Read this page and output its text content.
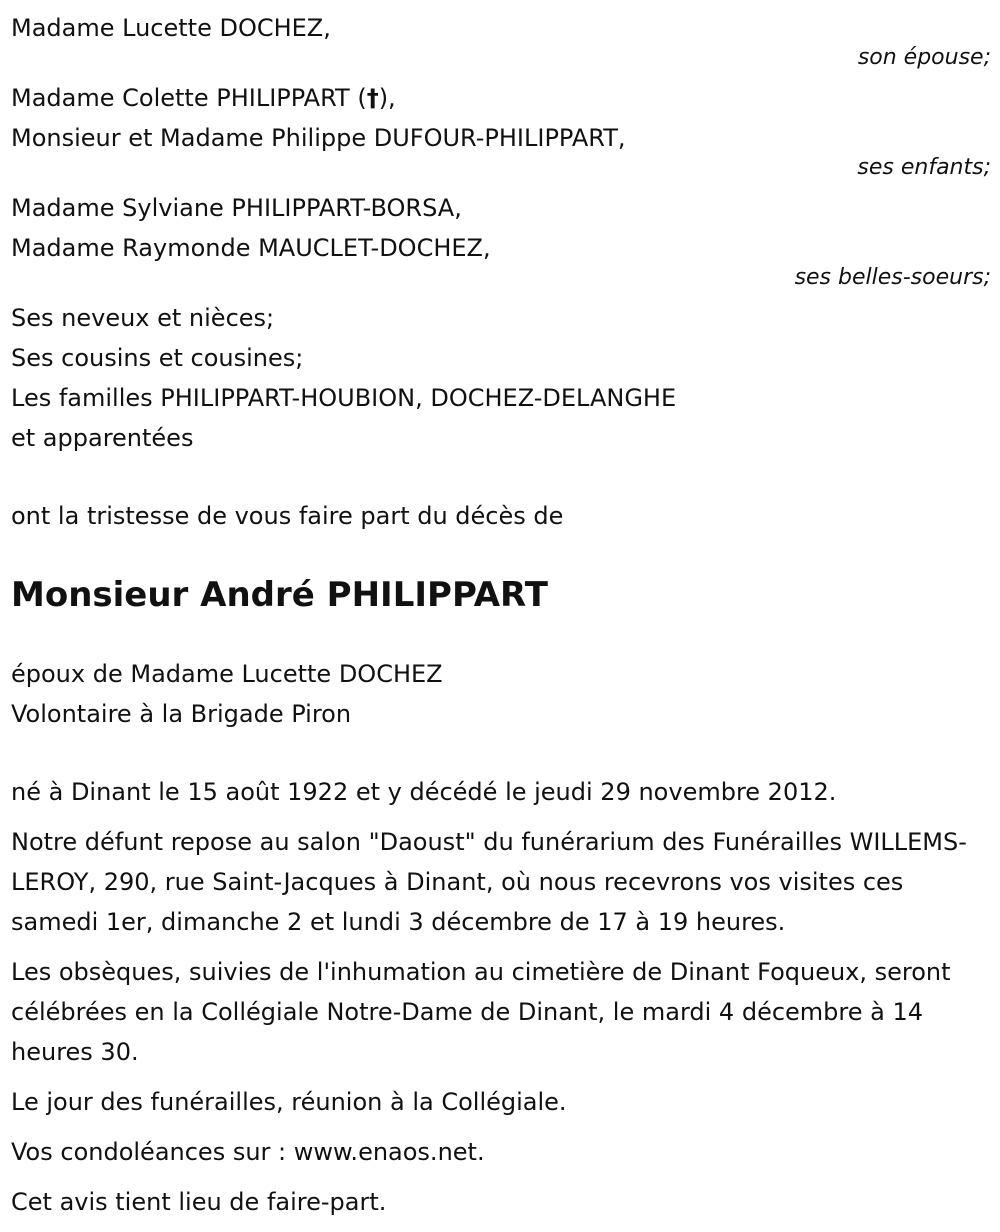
Madame Lucette DOCHEZ,
son épouse;
Madame Colette PHILIPPART (†),
Monsieur et Madame Philippe DUFOUR-PHILIPPART,
ses enfants;
Madame Sylviane PHILIPPART-BORSA,
Madame Raymonde MAUCLET-DOCHEZ,
ses belles-soeurs;
Ses neveux et nièces;
Ses cousins et cousines;
Les familles PHILIPPART-HOUBION, DOCHEZ-DELANGHE
et apparentées
ont la tristesse de vous faire part du décès de
Monsieur André PHILIPPART
époux de Madame Lucette DOCHEZ
Volontaire à la Brigade Piron

né à Dinant le 15 août 1922 et y décédé le jeudi 29 novembre 2012.

Notre défunt repose au salon "Daoust" du funérarium des Funérailles WILLEMS-LEROY, 290, rue Saint-Jacques à Dinant, où nous recevrons vos visites ces samedi 1er, dimanche 2 et lundi 3 décembre de 17 à 19 heures.

Les obsèques, suivies de l'inhumation au cimetière de Dinant Foqueux, seront célébrées en la Collégiale Notre-Dame de Dinant, le mardi 4 décembre à 14 heures 30.

Le jour des funérailles, réunion à la Collégiale.

Vos condoléances sur : www.enaos.net.

Cet avis tient lieu de faire-part.
